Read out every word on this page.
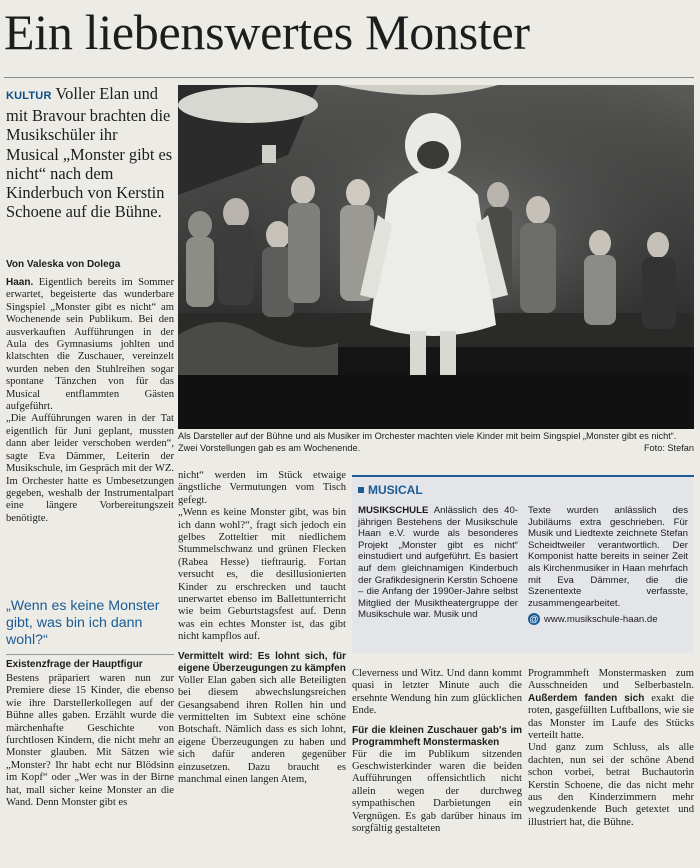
Ein liebenswertes Monster
KULTUR Voller Elan und mit Bravour brachten die Musikschüler ihr Musical „Monster gibt es nicht“ nach dem Kinderbuch von Kerstin Schoene auf die Bühne.
Von Valeska von Dolega

Haan. Eigentlich bereits im Sommer erwartet, begeisterte das wunderbare Singspiel „Monster gibt es nicht“ am Wochenende sein Publikum. Bei den ausverkauften Aufführungen in der Aula des Gymnasiums johlten und klatschten die Zuschauer, vereinzelt wurden neben den Stuhlreihen sogar spontane Tänzchen von für das Musical entflammten Gästen aufgeführt.

„Die Aufführungen waren in der Tat eigentlich für Juni geplant, mussten dann aber leider verschoben werden“, sagte Eva Dämmer, Leiterin der Musikschule, im Gespräch mit der WZ. Im Orchester hatte es Umbesetzungen gegeben, weshalb der Instrumentalpart eine längere Vorbereitungszeit benötigte.

„Wenn es keine Monster gibt, was bin ich dann wohl?“
Existenzfrage der Hauptfigur

Bestens präpariert waren nun zur Premiere diese 15 Kinder, die ebenso wie ihre Darstellerkollegen auf der Bühne alles gaben. Erzählt wurde die märchenhafte Geschichte von furchtlosen Kindern, die nicht mehr an Monster glauben. Mit Sätzen wie „Monster? Ihr habt echt nur Blödsinn im Kopf“ oder „Wer was in der Birne hat, mall sicher keine Monster an die Wand. Denn Monster gibt es

Als Darsteller auf der Bühne und als Musiker im Orchester machten viele Kinder mit beim Singspiel „Monster gibt es nicht“. Zwei Vorstellungen gab es am Wochenende.	Foto: Stefan

nicht“ werden im Stück etwaige ängstliche Vermutungen vom Tisch gefegt.

„Wenn es keine Monster gibt, was bin ich dann wohl?“, fragt sich jedoch ein gelbes Zotteltier mit niedlichem Stummelschwanz und grünen Flecken (Rabea Hesse) tieftraurig. Fortan versucht es, die desillusionierten Kinder zu erschrecken und taucht unerwartet ebenso im Ballettunterricht wie beim Geburtstagsfest auf. Denn was ein echtes Monster ist, das gibt nicht kampflos auf.

Vermittelt wird: Es lohnt sich, für eigene Überzeugungen zu kämpfen

Voller Elan gaben sich alle Beteiligten bei diesem abwechslungsreichen Gesangsabend ihren Rollen hin und vermittelten im Subtext eine schöne Botschaft. Nämlich dass es sich lohnt, eigene Überzeugungen zu haben und sich dafür anderen gegenüber einzusetzen. Dazu braucht es manchmal einen langen Atem,

MUSICAL
MUSIKSCHULE Anlässlich des 40-jährigen Bestehens der Musikschule Haan e.V. wurde als besonderes Projekt „Monster gibt es nicht“ einstudiert und aufgeführt. Es basiert auf dem gleichnamigen Kinderbuch der Grafikdesignerin Kerstin Schoene – die Anfang der 1990er-Jahre selbst Mitglied der Musiktheatergruppe der Musikschule war. Musik und
Texte wurden anlässlich des Jubiläums extra geschrieben. Für Musik und Liedtexte zeichnete Stefan Scheidtweiler verantwortlich. Der Komponist hatte bereits in seiner Zeit als Kirchenmusiker in Haan mehrfach mit Eva Dämmer, die die Szenentexte verfasste, zusammengearbeitet.
@ www.musikschule-haan.de

Cleverness und Witz. Und dann kommt quasi in letzter Minute auch die ersehnte Wendung hin zum glücklichen Ende.

Für die kleinen Zuschauer gab's im Programmheft Monstermasken

Für die im Publikum sitzenden Geschwisterkinder waren die beiden Aufführungen offensichtlich nicht allein wegen der durchweg sympathischen Darbietungen ein Vergnügen. Es gab darüber hinaus im sorgfältig gestalteten

Programmheft Monstermasken zum Ausschneiden und Selberbasteln. Außerdem fanden sich exakt die roten, gasgefüllten Luftballons, wie sie das Monster im Laufe des Stücks verteilt hatte.

Und ganz zum Schluss, als alle dachten, nun sei der schöne Abend schon vorbei, betrat Buchautorin Kerstin Schoene, die das nicht mehr aus den Kinderzimmern mehr wegzudenkende Buch getextet und illustriert hat, die Bühne.
